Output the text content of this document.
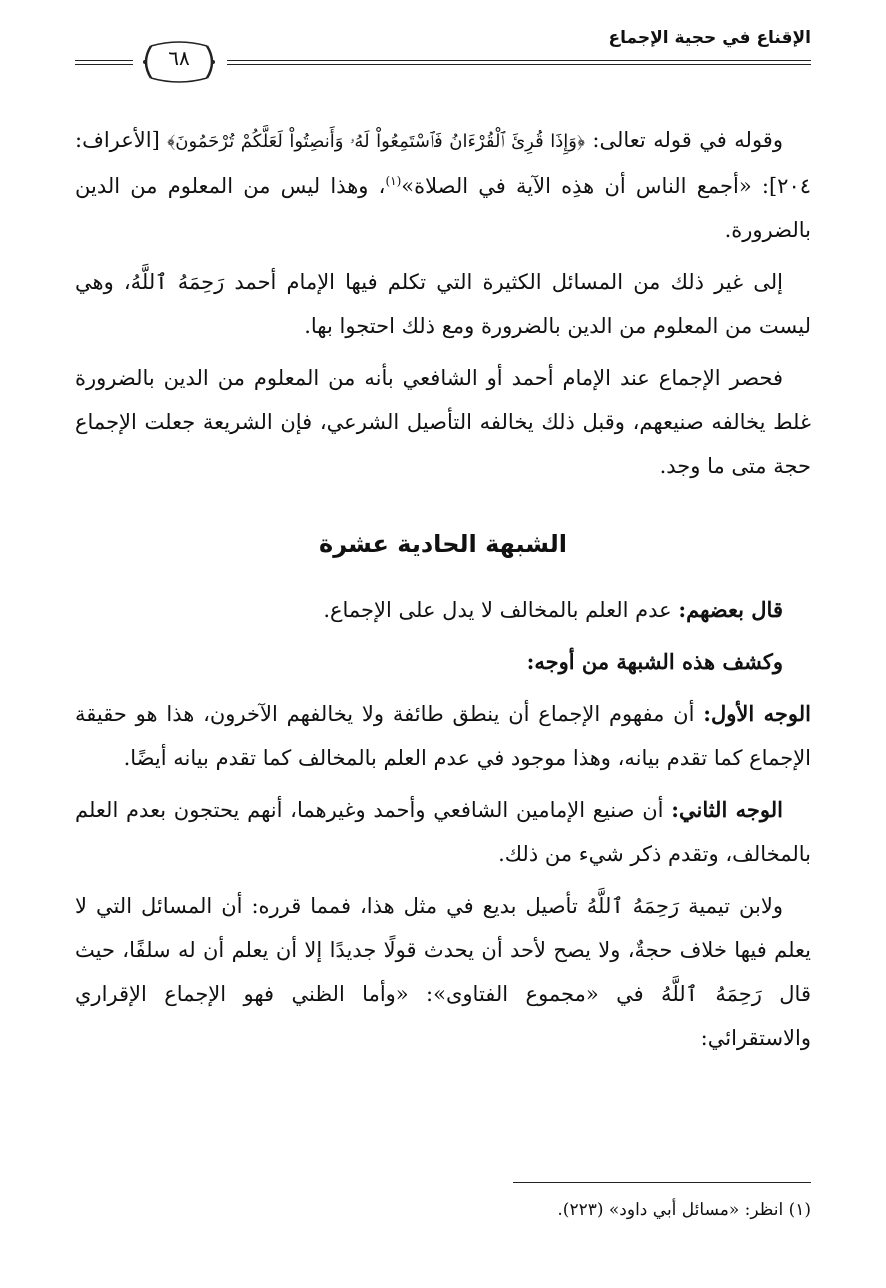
الإقناع في حجية الإجماع
٦٨

وقوله في قوله تعالى: ﴿وَإِذَا قُرِئَ ٱلْقُرْءَانُ فَٱسْتَمِعُواْ لَهُۥ وَأَنصِتُواْ لَعَلَّكُمْ تُرْحَمُونَ﴾ [الأعراف: ٢٠٤]: «أجمع الناس أن هذِه الآية في الصلاة»$^{(١)}$، وهذا ليس من المعلوم من الدين بالضرورة.

إلى غير ذلك من المسائل الكثيرة التي تكلم فيها الإمام أحمد رَحِمَهُ ٱللَّهُ، وهي ليست من المعلوم من الدين بالضرورة ومع ذلك احتجوا بها.

فحصر الإجماع عند الإمام أحمد أو الشافعي بأنه من المعلوم من الدين بالضرورة غلط يخالفه صنيعهم، وقبل ذلك يخالفه التأصيل الشرعي، فإن الشريعة جعلت الإجماع حجة متى ما وجد.

الشبهة الحادية عشرة

قال بعضهم: عدم العلم بالمخالف لا يدل على الإجماع.

وكشف هذه الشبهة من أوجه:

الوجه الأول: أن مفهوم الإجماع أن ينطق طائفة ولا يخالفهم الآخرون، هذا هو حقيقة الإجماع كما تقدم بيانه، وهذا موجود في عدم العلم بالمخالف كما تقدم بيانه أيضًا.

الوجه الثاني: أن صنيع الإمامين الشافعي وأحمد وغيرهما، أنهم يحتجون بعدم العلم بالمخالف، وتقدم ذكر شيء من ذلك.

ولابن تيمية رَحِمَهُ ٱللَّهُ تأصيل بديع في مثل هذا، فمما قرره: أن المسائل التي لا يعلم فيها خلاف حجةٌ، ولا يصح لأحد أن يحدث قولًا جديدًا إلا أن يعلم أن له سلفًا، حيث قال رَحِمَهُ ٱللَّهُ في «مجموع الفتاوى»: «وأما الظني فهو الإجماع الإقراري والاستقرائي:

(١) انظر: «مسائل أبي داود» (٢٢٣).
